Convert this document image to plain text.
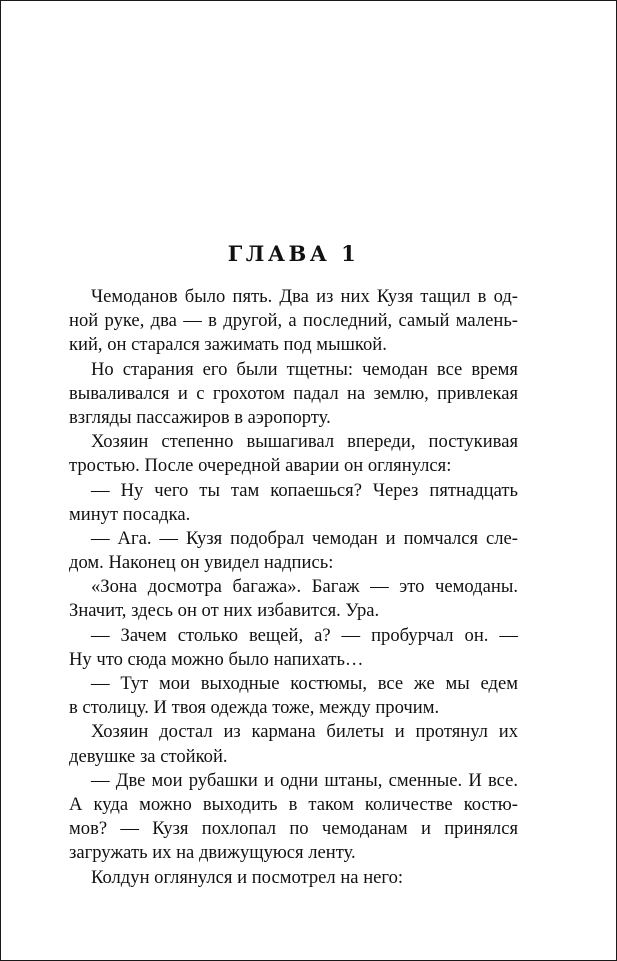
ГЛАВА 1
Чемоданов было пять. Два из них Кузя тащил в од-
ной руке, два — в другой, а последний, самый малень-
кий, он старался зажимать под мышкой.
Но старания его были тщетны: чемодан все время
вываливался и с грохотом падал на землю, привлекая
взгляды пассажиров в аэропорту.
Хозяин степенно вышагивал впереди, постукивая
тростью. После очередной аварии он оглянулся:
— Ну чего ты там копаешься? Через пятнадцать
минут посадка.
— Ага. — Кузя подобрал чемодан и помчался сле-
дом. Наконец он увидел надпись:
«Зона досмотра багажа». Багаж — это чемоданы.
Значит, здесь он от них избавится. Ура.
— Зачем столько вещей, а? — пробурчал он. —
Ну что сюда можно было напихать…
— Тут мои выходные костюмы, все же мы едем
в столицу. И твоя одежда тоже, между прочим.
Хозяин достал из кармана билеты и протянул их
девушке за стойкой.
— Две мои рубашки и одни штаны, сменные. И все.
А куда можно выходить в таком количестве костю-
мов? — Кузя похлопал по чемоданам и принялся
загружать их на движущуюся ленту.
Колдун оглянулся и посмотрел на него:
